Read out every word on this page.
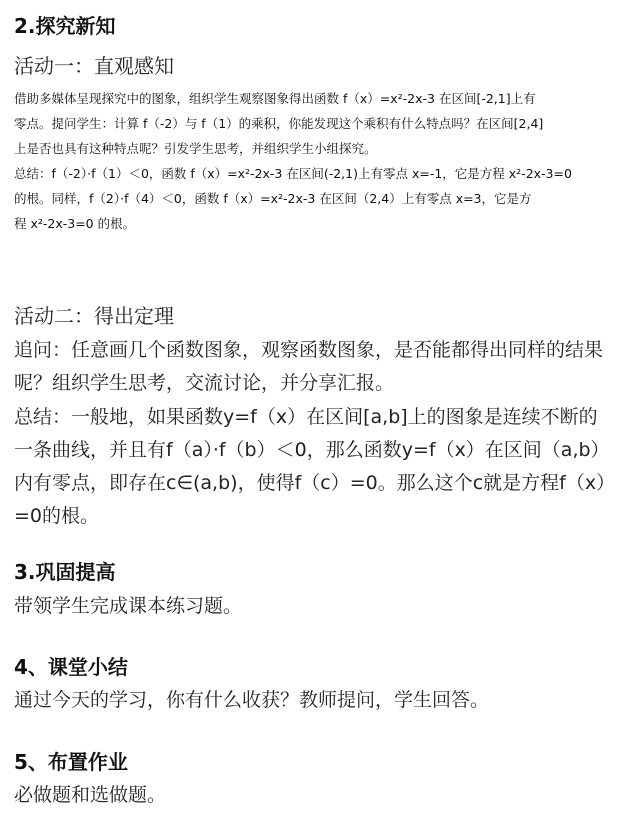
2.探究新知
活动一：直观感知
借助多媒体呈现探究中的图象，组织学生观察图象得出函数 f（x）=x²-2x-3 在区间[-2,1]上有
零点。提问学生：计算 f（-2）与 f（1）的乘积，你能发现这个乘积有什么特点吗？在区间[2,4]
上是否也具有这种特点呢？引发学生思考，并组织学生小组探究。
总结：f（-2）·f（1）＜0，函数 f（x）=x²-2x-3 在区间(-2,1)上有零点 x=-1，它是方程 x²-2x-3=0
的根。同样，f（2）·f（4）＜0，函数 f（x）=x²-2x-3 在区间（2,4）上有零点 x=3，它是方
程 x²-2x-3=0 的根。
活动二：得出定理
追问：任意画几个函数图象，观察函数图象，是否能都得出同样的结果呢？组织学生思考，交流讨论，并分享汇报。
总结：一般地，如果函数y=f（x）在区间[a,b]上的图象是连续不断的一条曲线，并且有f（a）·f（b）＜0，那么函数y=f（x）在区间（a,b）内有零点，即存在c∈(a,b)，使得f（c）=0。那么这个c就是方程f（x）=0的根。
3.巩固提高
带领学生完成课本练习题。
4、课堂小结
通过今天的学习，你有什么收获？教师提问，学生回答。
5、布置作业
必做题和选做题。
